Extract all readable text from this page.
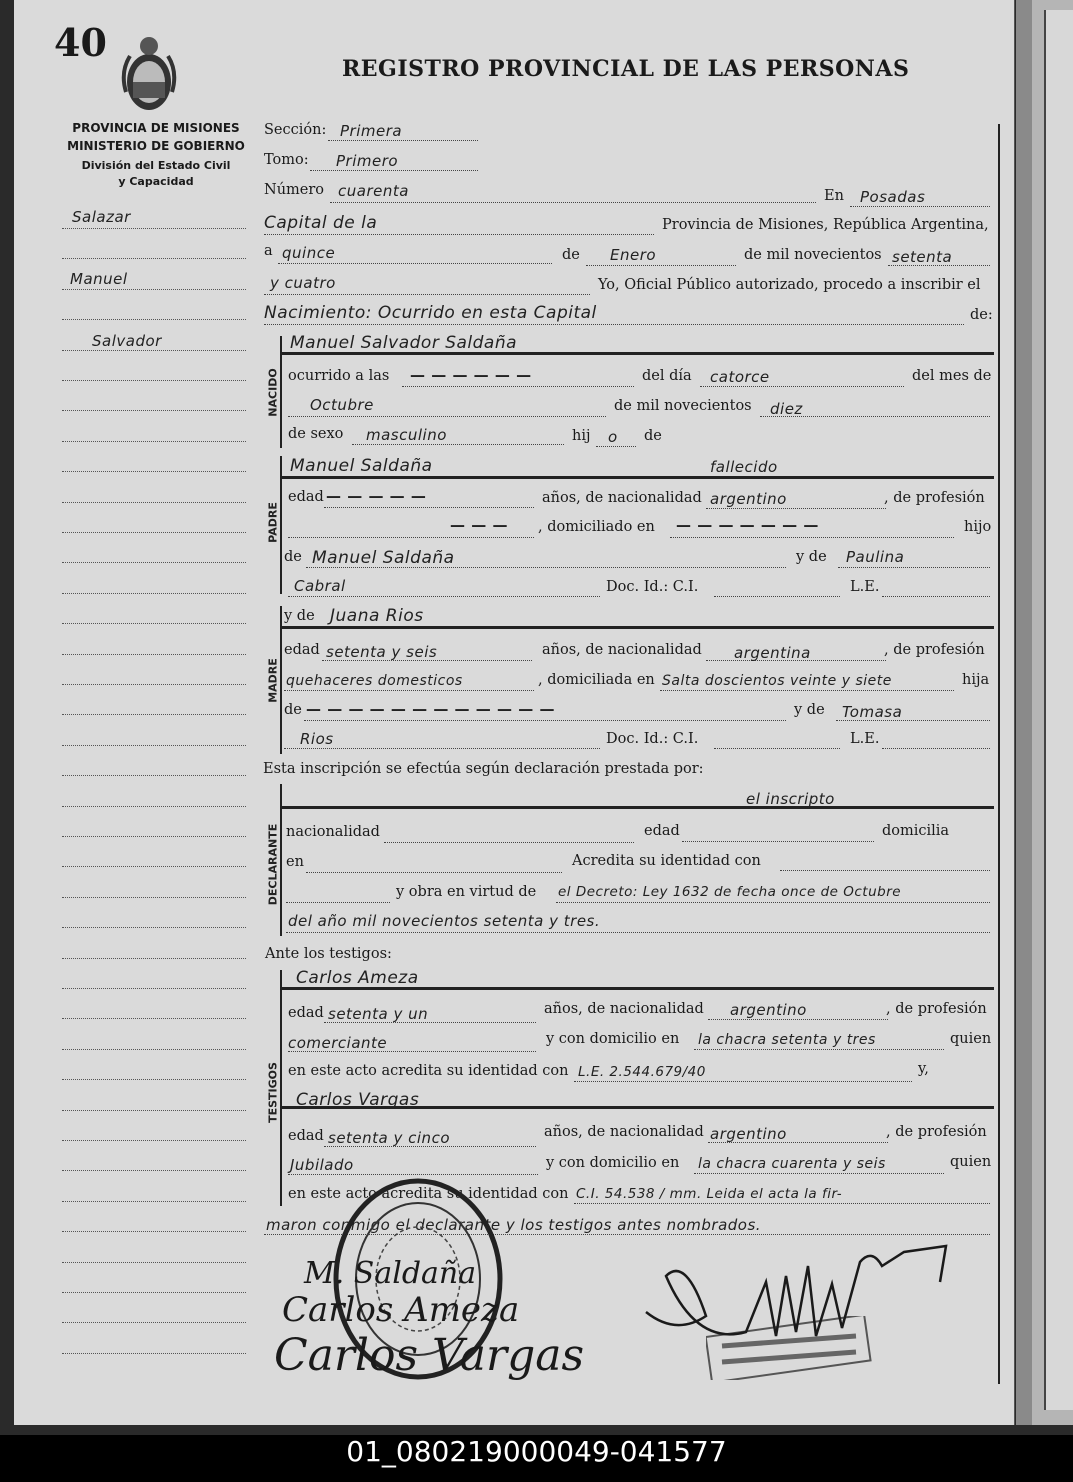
40
REGISTRO PROVINCIAL DE LAS PERSONAS
PROVINCIA DE MISIONES
MINISTERIO DE GOBIERNO
División del Estado Civil
y Capacidad
Salazar
Manuel
Salvador
NACIDO
PADRE
MADRE
DECLARANTE
TESTIGOS
Sección: Primera
Tomo: Primero
Número cuarenta	En Posadas
Capital de la	Provincia de Misiones, República Argentina,
a quince	de Enero	de mil novecientos setenta
y cuatro	Yo, Oficial Público autorizado, procedo a inscribir el
Nacimiento: Ocurrido en esta Capital	de:
Manuel Salvador Saldaña
ocurrido a las — — — — — —	del día catorce	del mes de
Octubre	de mil novecientos diez
de sexo masculino	hij o de
Manuel Saldaña	fallecido
edad — — — — —	años, de nacionalidad argentino	, de profesión
— — — , domiciliado en — — — — — — —	hijo
de Manuel Saldaña	y de Paulina
Cabral	Doc. Id.: C.I.	L.E.
y de Juana Rios
edad setenta y seis	años, de nacionalidad argentina	, de profesión
quehaceres domesticos	, domiciliada en Salta doscientos veinte y siete	hija
de — — — — — — — — — — — —	y de Tomasa
Rios	Doc. Id.: C.I.	L.E.
Esta inscripción se efectúa según declaración prestada por:
el inscripto
nacionalidad	edad	domicilia
en	Acredita su identidad con
y obra en virtud de el Decreto: Ley 1632 de fecha once de Octubre
del año mil novecientos setenta y tres.
Ante los testigos:
Carlos Ameza
edad setenta y un	años, de nacionalidad argentino	, de profesión
comerciante	y con domicilio en la chacra setenta y tres	quien
en este acto acredita su identidad con L.E. 2.544.679/40	y,
Carlos Vargas
edad setenta y cinco	años, de nacionalidad argentino	, de profesión
Jubilado	y con domicilio en la chacra cuarenta y seis	quien
en este acto acredita su identidad con C.I. 54.538 / mm. Leida el acta la fir-
maron conmigo el declarante y los testigos antes nombrados.
M. Saldaña
Carlos Ameza
Carlos Vargas
01_080219000049-041577
